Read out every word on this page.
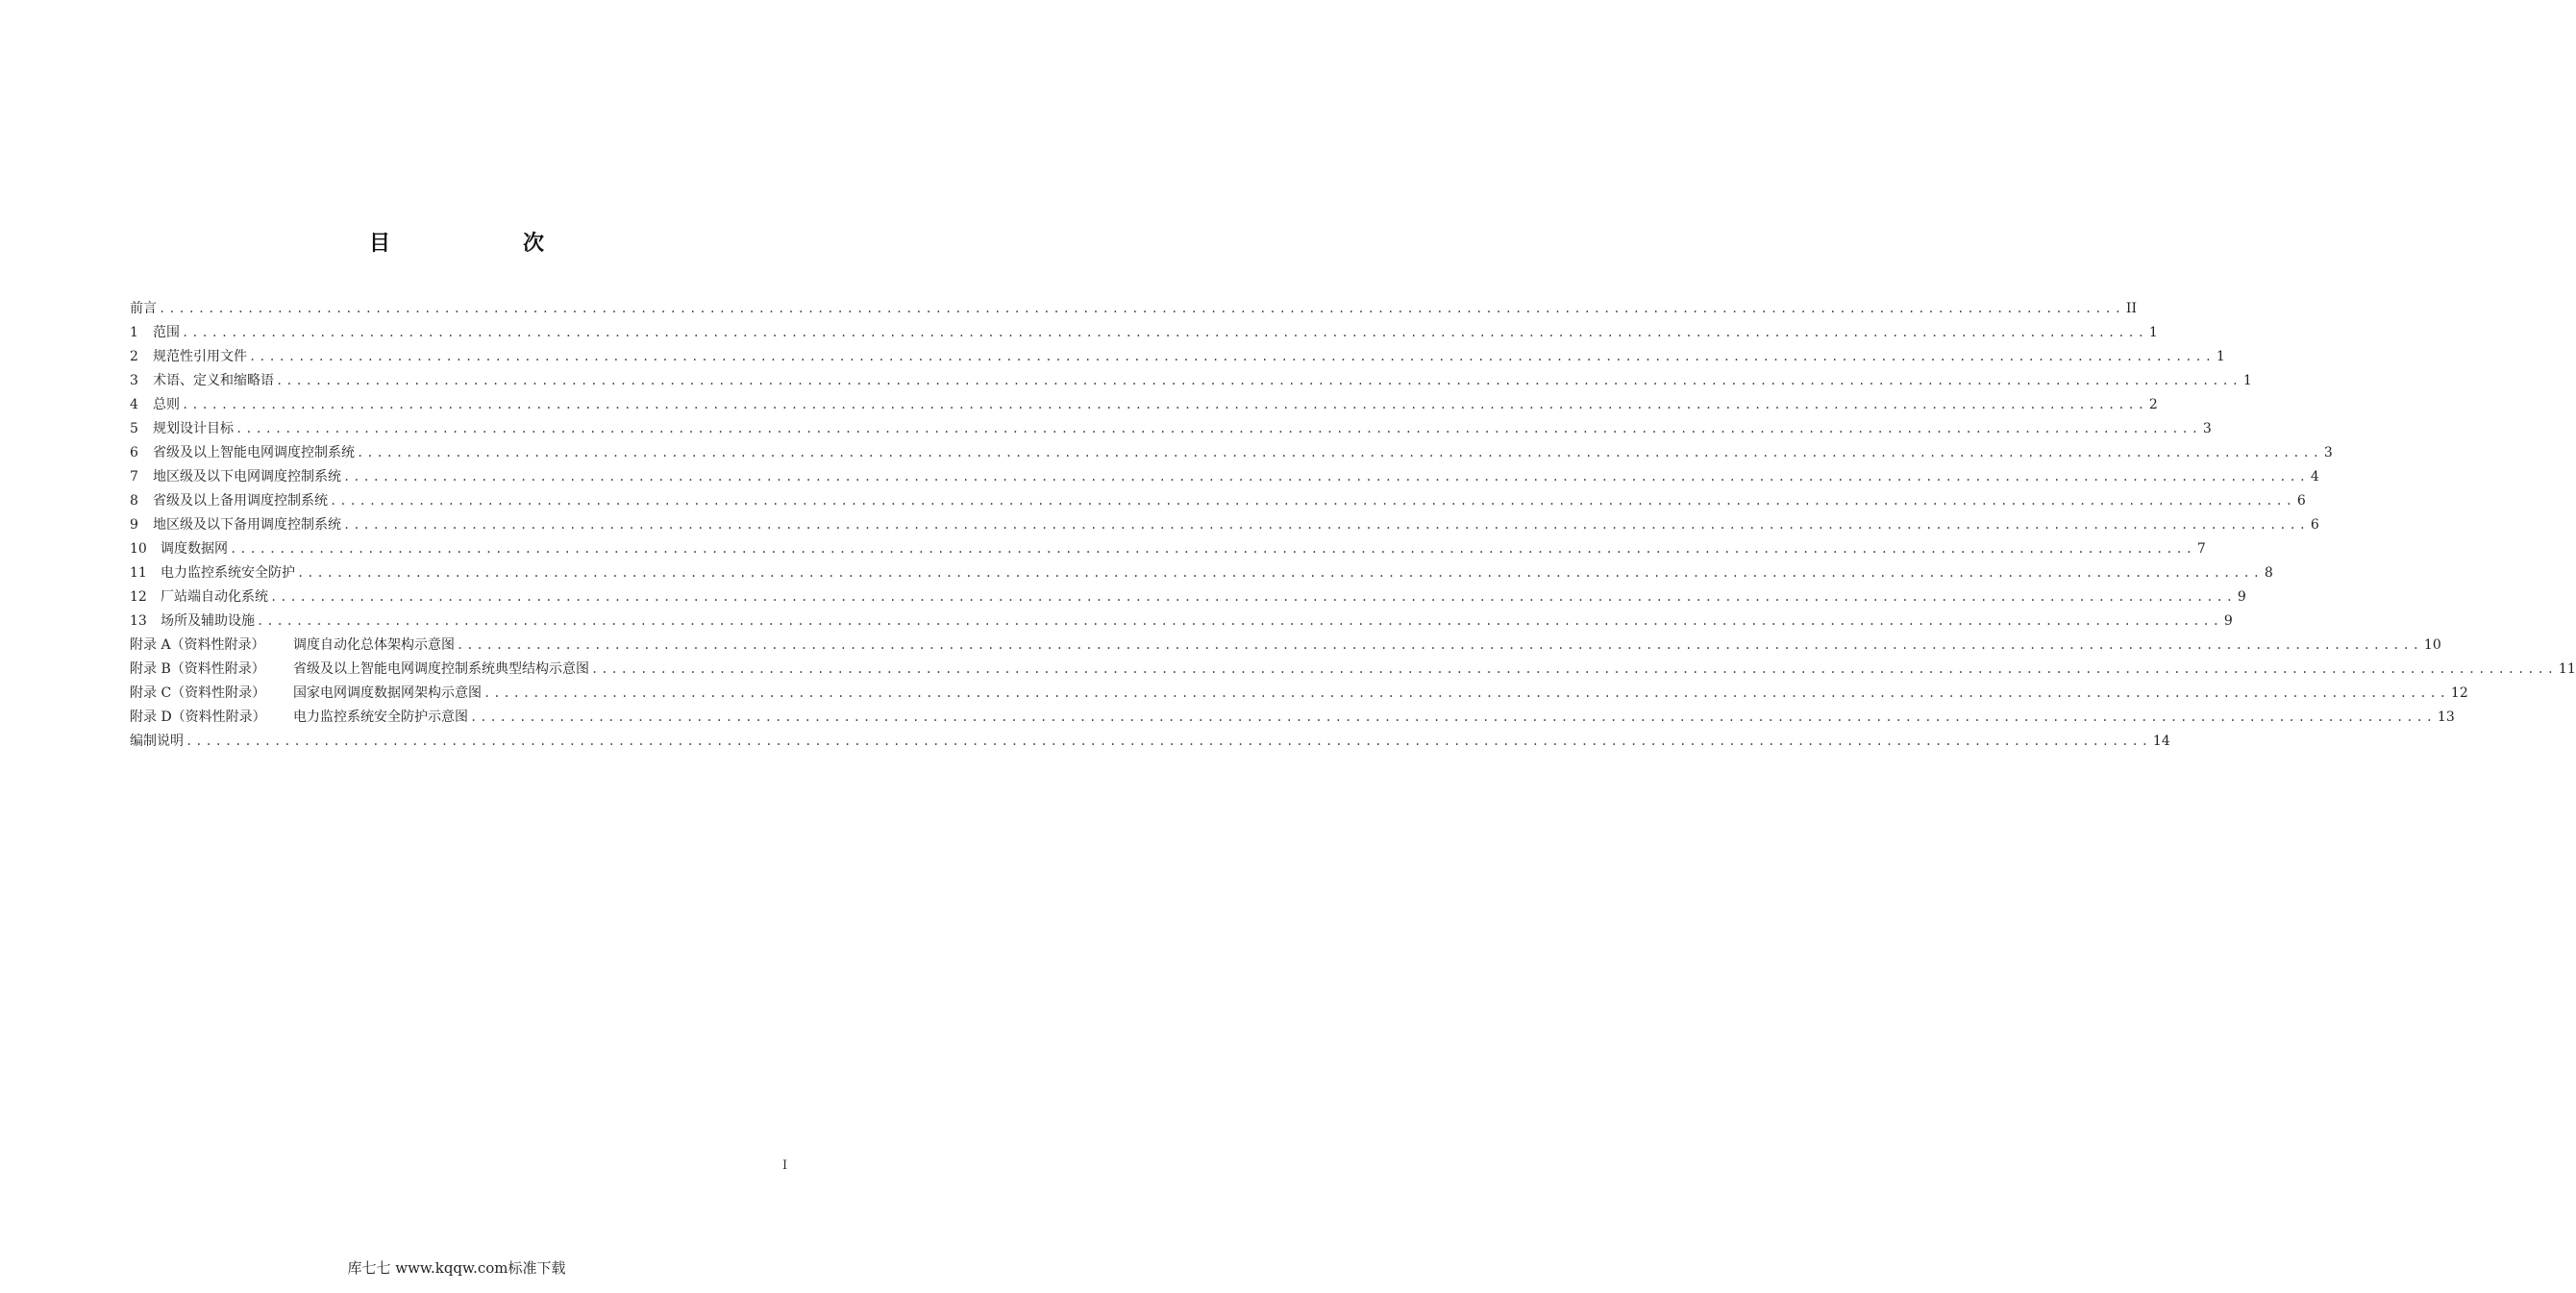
目　次
前言 ........................................................................................................................................................................................................ II
1	范围 ........................................................................................................................................................................................................ 1
2	规范性引用文件 ........................................................................................................................................................................................................ 1
3	术语、定义和缩略语 ........................................................................................................................................................................................................ 1
4	总则 ........................................................................................................................................................................................................ 2
5	规划设计目标 ........................................................................................................................................................................................................ 3
6	省级及以上智能电网调度控制系统 ........................................................................................................................................................................................................ 3
7	地区级及以下电网调度控制系统 ........................................................................................................................................................................................................ 4
8	省级及以上备用调度控制系统 ........................................................................................................................................................................................................ 6
9	地区级及以下备用调度控制系统 ........................................................................................................................................................................................................ 6
10	调度数据网 ........................................................................................................................................................................................................ 7
11	电力监控系统安全防护 ........................................................................................................................................................................................................ 8
12	厂站端自动化系统 ........................................................................................................................................................................................................ 9
13	场所及辅助设施 ........................................................................................................................................................................................................ 9
附录 A（资料性附录）	调度自动化总体架构示意图 ........................................................................................................................................................................................................ 10
附录 B（资料性附录）	省级及以上智能电网调度控制系统典型结构示意图 ........................................................................................................................................................................................................ 11
附录 C（资料性附录）	国家电网调度数据网架构示意图 ........................................................................................................................................................................................................ 12
附录 D（资料性附录）	电力监控系统安全防护示意图 ........................................................................................................................................................................................................ 13
编制说明 ........................................................................................................................................................................................................ 14
I
库七七 www.kqqw.com标准下载
